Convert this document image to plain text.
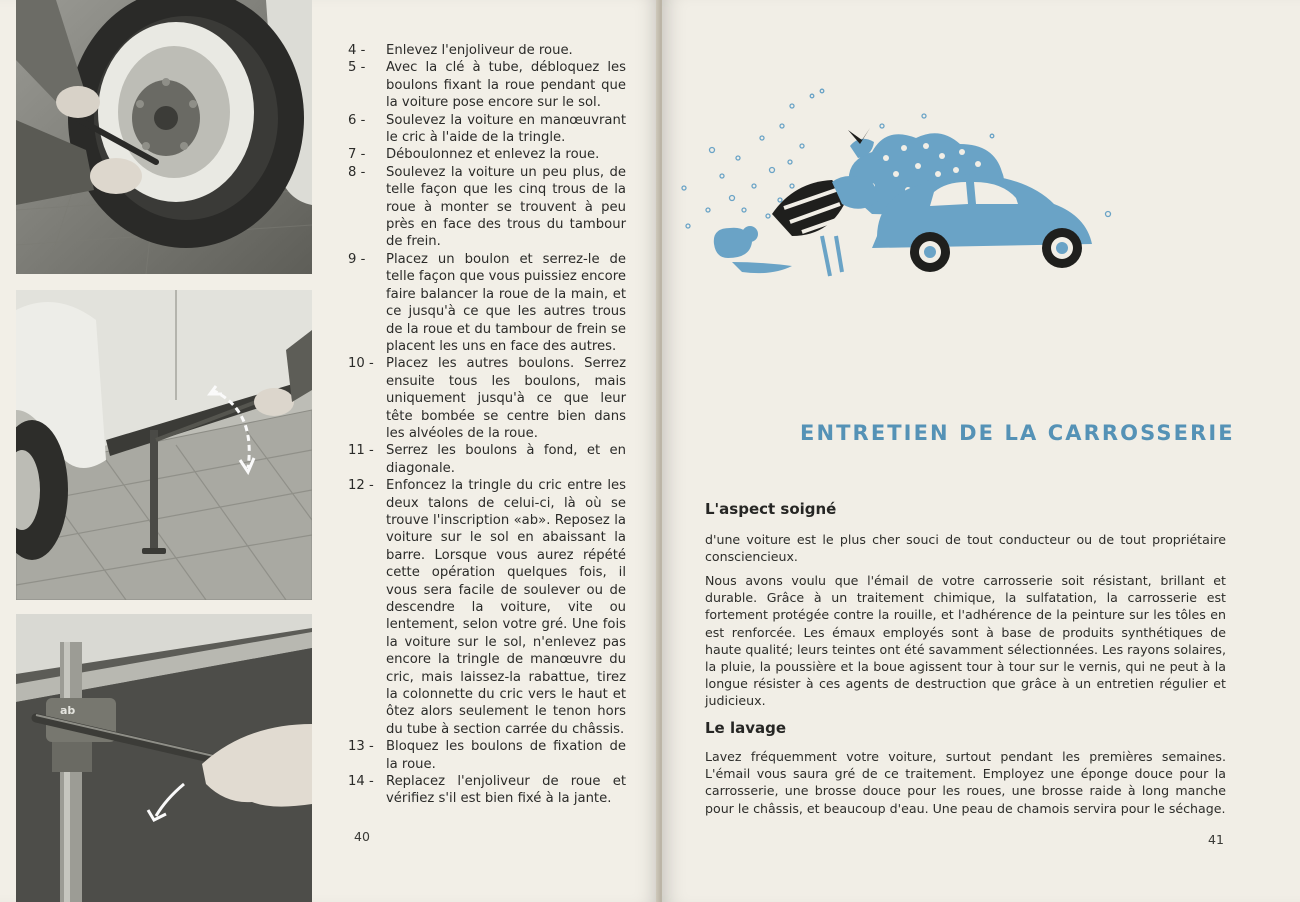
ab
4 -	Enlevez l'enjoliveur de roue.
5 -	Avec la clé à tube, débloquez les boulons fixant la roue pendant que la voiture pose encore sur le sol.
6 -	Soulevez la voiture en manœuvrant le cric à l'aide de la tringle.
7 -	Déboulonnez et enlevez la roue.
8 -	Soulevez la voiture un peu plus, de telle façon que les cinq trous de la roue à monter se trouvent à peu près en face des trous du tambour de frein.
9 -	Placez un boulon et serrez-le de telle façon que vous puissiez encore faire balancer la roue de la main, et ce jusqu'à ce que les autres trous de la roue et du tambour de frein se placent les uns en face des autres.
10 - Placez les autres boulons. Serrez ensuite tous les boulons, mais uniquement jusqu'à ce que leur tête bombée se centre bien dans les alvéoles de la roue.
11 - Serrez les boulons à fond, et en diagonale.
12 - Enfoncez la tringle du cric entre les deux talons de celui-ci, là où se trouve l'inscription «ab». Reposez la voiture sur le sol en abaissant la barre. Lorsque vous aurez répété cette opération quelques fois, il vous sera facile de soulever ou de descendre la voiture, vite ou lentement, selon votre gré. Une fois la voiture sur le sol, n'enlevez pas encore la tringle de manœuvre du cric, mais laissez-la rabattue, tirez la colonnette du cric vers le haut et ôtez alors seulement le tenon hors du tube à section carrée du châssis.
13 - Bloquez les boulons de fixation de la roue.
14 - Replacez l'enjoliveur de roue et vérifiez s'il est bien fixé à la jante.
40
ENTRETIEN DE LA CARROSSERIE
L'aspect soigné

d'une voiture est le plus cher souci de tout conducteur ou de tout propriétaire consciencieux.

Nous avons voulu que l'émail de votre carrosserie soit résistant, brillant et durable. Grâce à un traitement chimique, la sulfatation, la carrosserie est fortement protégée contre la rouille, et l'adhérence de la peinture sur les tôles en est renforcée. Les émaux employés sont à base de produits synthétiques de haute qualité; leurs teintes ont été savamment sélectionnées. Les rayons solaires, la pluie, la poussière et la boue agissent tour à tour sur le vernis, qui ne peut à la longue résister à ces agents de destruction que grâce à un entretien régulier et judicieux.

Le lavage

Lavez fréquemment votre voiture, surtout pendant les premières semaines. L'émail vous saura gré de ce traitement. Employez une éponge douce pour la carrosserie, une brosse douce pour les roues, une brosse raide à long manche pour le châssis, et beaucoup d'eau. Une peau de chamois servira pour le séchage.

41
